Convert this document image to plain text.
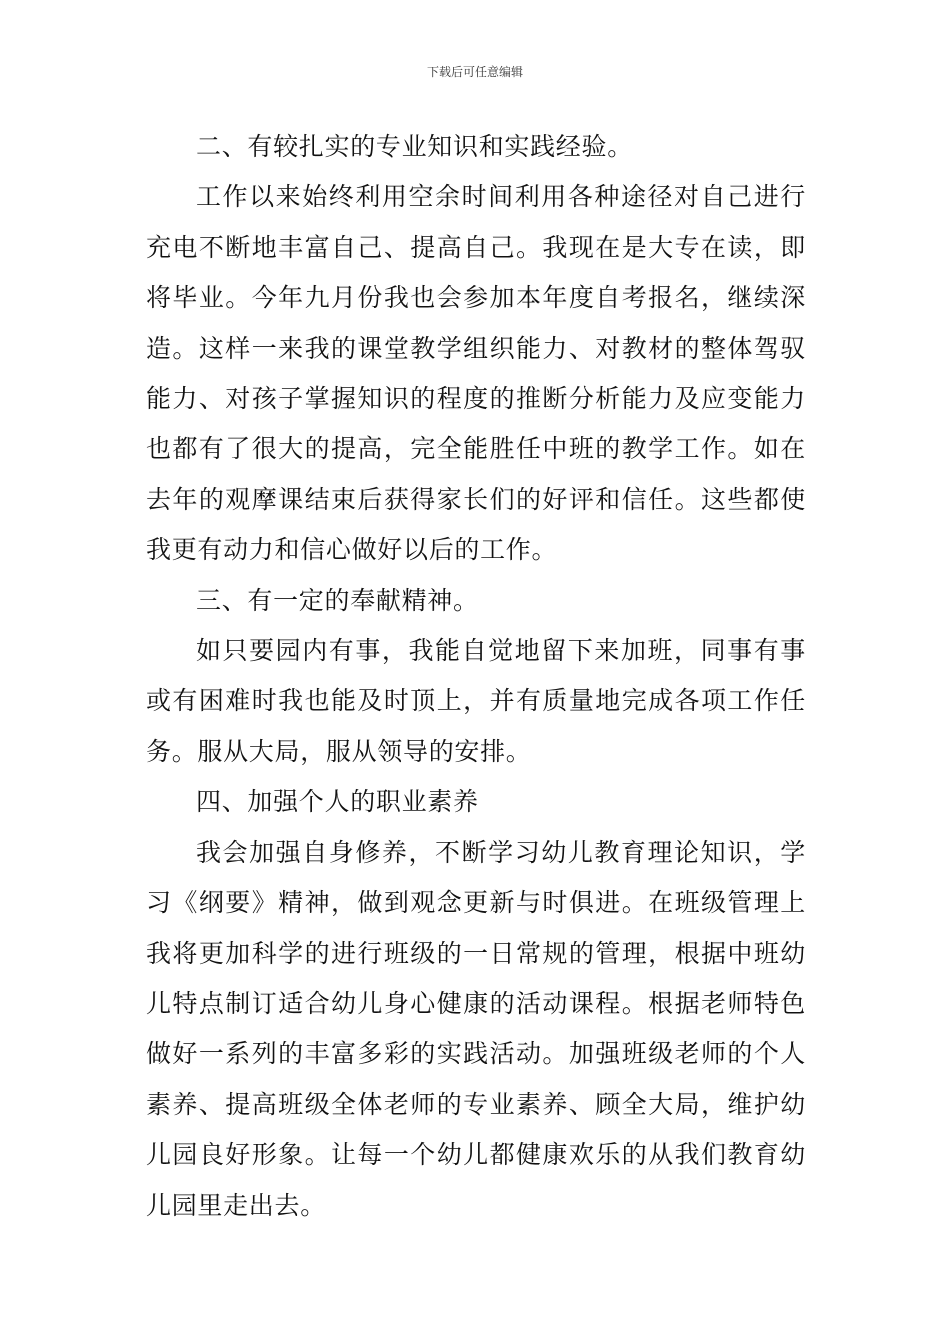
下载后可任意编辑

二、有较扎实的专业知识和实践经验。

工作以来始终利用空余时间利用各种途径对自己进行充电不断地丰富自己、提高自己。我现在是大专在读，即将毕业。今年九月份我也会参加本年度自考报名，继续深造。这样一来我的课堂教学组织能力、对教材的整体驾驭能力、对孩子掌握知识的程度的推断分析能力及应变能力也都有了很大的提高，完全能胜任中班的教学工作。如在去年的观摩课结束后获得家长们的好评和信任。这些都使我更有动力和信心做好以后的工作。

三、有一定的奉献精神。

如只要园内有事，我能自觉地留下来加班，同事有事或有困难时我也能及时顶上，并有质量地完成各项工作任务。服从大局，服从领导的安排。

四、加强个人的职业素养

我会加强自身修养，不断学习幼儿教育理论知识，学习《纲要》精神，做到观念更新与时俱进。在班级管理上我将更加科学的进行班级的一日常规的管理，根据中班幼儿特点制订适合幼儿身心健康的活动课程。根据老师特色做好一系列的丰富多彩的实践活动。加强班级老师的个人素养、提高班级全体老师的专业素养、顾全大局，维护幼儿园良好形象。让每一个幼儿都健康欢乐的从我们教育幼儿园里走出去。
